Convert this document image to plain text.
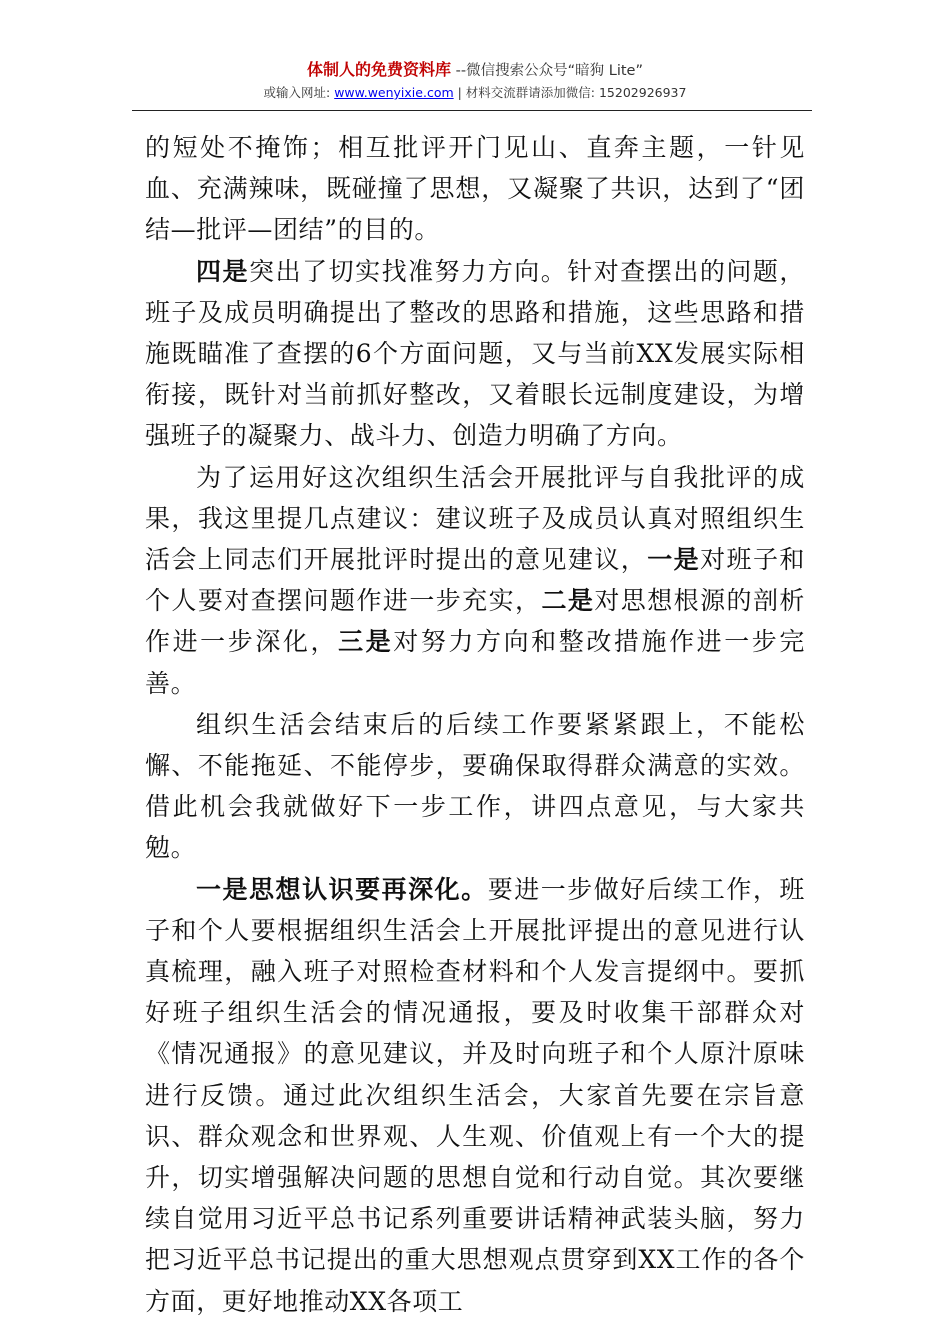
体制人的免费资料库 --微信搜索公众号“暗狗 Lite”
或输入网址: www.wenyixie.com | 材料交流群请添加微信: 15202926937

的短处不掩饰；相互批评开门见山、直奔主题，一针见血、充满辣味，既碰撞了思想，又凝聚了共识，达到了“团结—批评—团结”的目的。

四是突出了切实找准努力方向。针对查摆出的问题，班子及成员明确提出了整改的思路和措施，这些思路和措施既瞄准了查摆的6个方面问题，又与当前XX发展实际相衔接，既针对当前抓好整改，又着眼长远制度建设，为增强班子的凝聚力、战斗力、创造力明确了方向。

为了运用好这次组织生活会开展批评与自我批评的成果，我这里提几点建议：建议班子及成员认真对照组织生活会上同志们开展批评时提出的意见建议，一是对班子和个人要对查摆问题作进一步充实，二是对思想根源的剖析作进一步深化，三是对努力方向和整改措施作进一步完善。

组织生活会结束后的后续工作要紧紧跟上，不能松懈、不能拖延、不能停步，要确保取得群众满意的实效。借此机会我就做好下一步工作，讲四点意见，与大家共勉。

一是思想认识要再深化。要进一步做好后续工作，班子和个人要根据组织生活会上开展批评提出的意见进行认真梳理，融入班子对照检查材料和个人发言提纲中。要抓好班子组织生活会的情况通报，要及时收集干部群众对《情况通报》的意见建议，并及时向班子和个人原汁原味进行反馈。通过此次组织生活会，大家首先要在宗旨意识、群众观念和世界观、人生观、价值观上有一个大的提升，切实增强解决问题的思想自觉和行动自觉。其次要继续自觉用习近平总书记系列重要讲话精神武装头脑，努力把习近平总书记提出的重大思想观点贯穿到XX工作的各个方面，更好地推动XX各项工
